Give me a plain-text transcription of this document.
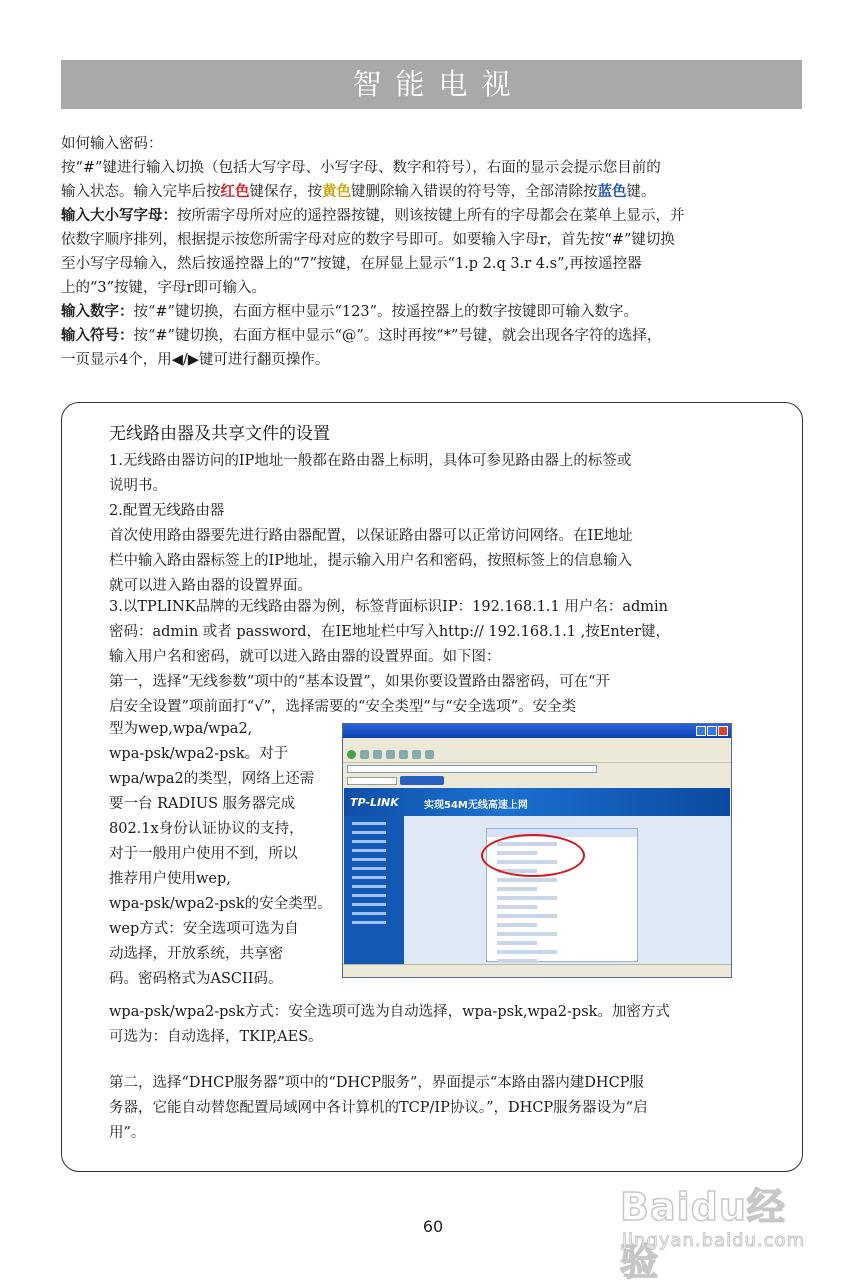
智能电视

如何输入密码：

按“#”键进行输入切换（包括大写字母、小写字母、数字和符号），右面的显示会提示您目前的

输入状态。输入完毕后按红色键保存，按黄色键删除输入错误的符号等，全部清除按蓝色键。

输入大小写字母：按所需字母所对应的遥控器按键，则该按键上所有的字母都会在菜单上显示，并

依数字顺序排列，根据提示按您所需字母对应的数字号即可。如要输入字母r，首先按“#”键切换

至小写字母输入，然后按遥控器上的“7”按键，在屏显上显示“1.p 2.q 3.r 4.s”,再按遥控器

上的“3”按键，字母r即可输入。

输入数字：按“#”键切换，右面方框中显示“123”。按遥控器上的数字按键即可输入数字。

输入符号：按“#”键切换，右面方框中显示“@”。这时再按“*”号键，就会出现各字符的选择，

一页显示4个，用◀/▶键可进行翻页操作。

无线路由器及共享文件的设置

1.无线路由器访问的IP地址一般都在路由器上标明，具体可参见路由器上的标签或

说明书。

2.配置无线路由器

首次使用路由器要先进行路由器配置，以保证路由器可以正常访问网络。在IE地址

栏中输入路由器标签上的IP地址，提示输入用户名和密码，按照标签上的信息输入

就可以进入路由器的设置界面。

3.以TPLINK品牌的无线路由器为例，标签背面标识IP：192.168.1.1 用户名：admin

密码：admin 或者 password，在IE地址栏中写入http:// 192.168.1.1 ,按Enter键，

输入用户名和密码，就可以进入路由器的设置界面。如下图：

第一，选择“无线参数”项中的“基本设置”，如果你要设置路由器密码，可在“开

启安全设置”项前面打“√”，选择需要的“安全类型”与“安全选项”。安全类

型为wep,wpa/wpa2,

wpa-psk/wpa2-psk。对于

wpa/wpa2的类型，网络上还需

要一台 RADIUS 服务器完成

802.1x身份认证协议的支持，

对于一般用户使用不到，所以

推荐用户使用wep,

wpa-psk/wpa2-psk的安全类型。

wep方式：安全选项可选为自

动选择，开放系统，共享密

码。密码格式为ASCII码。

TP-LINK	实现54M无线高速上网

wpa-psk/wpa2-psk方式：安全选项可选为自动选择，wpa-psk,wpa2-psk。加密方式

可选为：自动选择，TKIP,AES。

第二，选择“DHCP服务器”项中的“DHCP服务”，界面提示“本路由器内建DHCP服

务器，它能自动替您配置局域网中各计算机的TCP/IP协议。”，DHCP服务器设为“启

用”。

60	Baidu经验
jingyan.baidu.com
